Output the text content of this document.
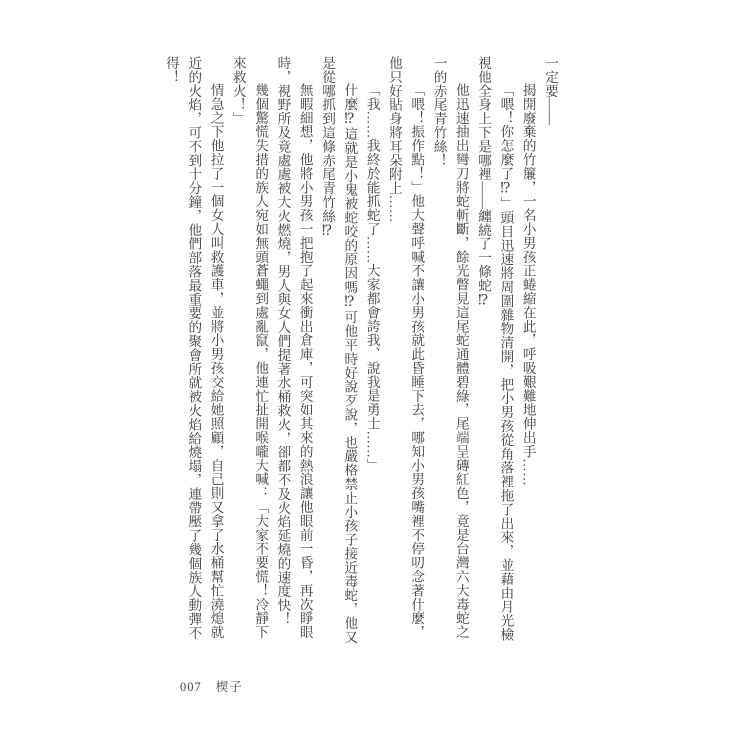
一定要——

揭開廢棄的竹簾，一名小男孩正蜷縮在此，呼吸艱難地伸出手……

「喂！你怎麼了⁉」頭目迅速將周圍雜物清開，把小男孩從角落裡拖了出來，並藉由月光檢視他全身上下是哪裡——纏繞了一條蛇⁉

他迅速抽出彎刀將蛇斬斷，餘光瞥見這尾蛇通體碧綠，尾端呈磚紅色，竟是台灣六大毒蛇之一的赤尾青竹絲！

「喂！振作點！」他大聲呼喊不讓小男孩就此昏睡下去，哪知小男孩嘴裡不停叨念著什麼，他只好貼身將耳朵附上……

「我……我終於能抓蛇了……大家都會誇我、說我是勇士……」

什麼⁉這就是小鬼被蛇咬的原因嗎⁉可他平時好說歹說，也嚴格禁止小孩子接近毒蛇，他又是從哪抓到這條赤尾青竹絲⁉

無暇細想，他將小男孩一把抱了起來衝出倉庫，可突如其來的熱浪讓他眼前一昏，再次睜眼時，視野所及竟處處被大火燃燒，男人與女人們提著水桶救火，卻都不及火焰延燒的速度快！

幾個驚慌失措的族人宛如無頭蒼蠅到處亂竄，他連忙扯開喉嚨大喊：「大家不要慌！冷靜下來救火！」

情急之下他拉了一個女人叫救護車，並將小男孩交給她照顧，自己則又拿了水桶幫忙澆熄就近的火焰，可不到十分鐘，他們部落最重要的聚會所就被火焰給燒塌，連帶壓了幾個族人動彈不得！

007 楔子
